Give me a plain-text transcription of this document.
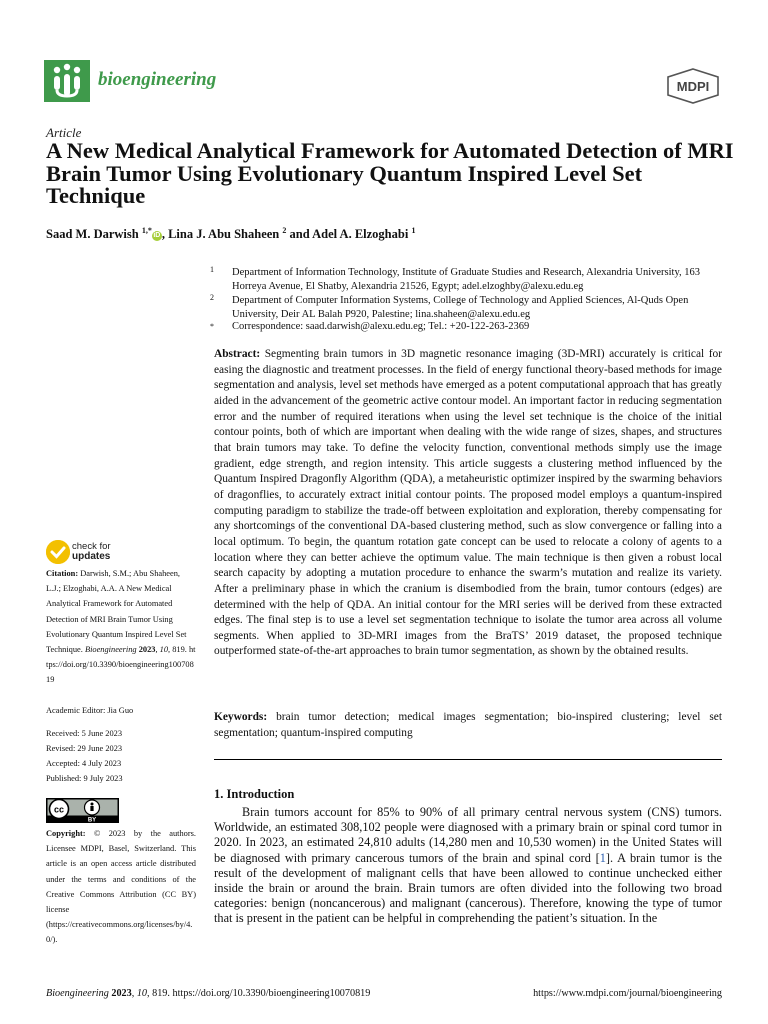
bioengineering	MDPI
Article
A New Medical Analytical Framework for Automated Detection of MRI Brain Tumor Using Evolutionary Quantum Inspired Level Set Technique
Saad M. Darwish $^{1,*}$iD , Lina J. Abu Shaheen $^2$ and Adel A. Elzoghabi $^1$
1	Department of Information Technology, Institute of Graduate Studies and Research, Alexandria University, 163 Horreya Avenue, El Shatby, Alexandria 21526, Egypt; adel.elzoghby@alexu.edu.eg
2	Department of Computer Information Systems, College of Technology and Applied Sciences, Al-Quds Open University, Deir AL Balah P920, Palestine; lina.shaheen@alexu.edu.eg
*	Correspondence: saad.darwish@alexu.edu.eg; Tel.: +20-122-263-2369
Abstract: Segmenting brain tumors in 3D magnetic resonance imaging (3D-MRI) accurately is critical for easing the diagnostic and treatment processes. In the field of energy functional theory-based methods for image segmentation and analysis, level set methods have emerged as a potent computational approach that has greatly aided in the advancement of the geometric active contour model. An important factor in reducing segmentation error and the number of required iterations when using the level set technique is the choice of the initial contour points, both of which are important when dealing with the wide range of sizes, shapes, and structures that brain tumors may take. To define the velocity function, conventional methods simply use the image gradient, edge strength, and region intensity. This article suggests a clustering method influenced by the Quantum Inspired Dragonfly Algorithm (QDA), a metaheuristic optimizer inspired by the swarming behaviors of dragonflies, to accurately extract initial contour points. The proposed model employs a quantum-inspired computing paradigm to stabilize the trade-off between exploitation and exploration, thereby compensating for any shortcomings of the conventional DA-based clustering method, such as slow convergence or falling into a local optimum. To begin, the quantum rotation gate concept can be used to relocate a colony of agents to a location where they can better achieve the optimum value. The main technique is then given a robust local search capacity by adopting a mutation procedure to enhance the swarm’s mutation and realize its variety. After a preliminary phase in which the cranium is disembodied from the brain, tumor contours (edges) are determined with the help of QDA. An initial contour for the MRI series will be derived from these extracted edges. The final step is to use a level set segmentation technique to isolate the tumor area across all volume segments. When applied to 3D-MRI images from the BraTS’ 2019 dataset, the proposed technique outperformed state-of-the-art approaches to brain tumor segmentation, as shown by the obtained results.
Keywords: brain tumor detection; medical images segmentation; bio-inspired clustering; level set segmentation; quantum-inspired computing
check for
updates
Citation: Darwish, S.M.; Abu Shaheen, L.J.; Elzoghabi, A.A. A New Medical Analytical Framework for Automated Detection of MRI Brain Tumor Using Evolutionary Quantum Inspired Level Set Technique. Bioengineering 2023, 10, 819. https://doi.org/10.3390/bioengineering10070819
Academic Editor: Jia Guo
Received: 5 June 2023
Revised: 29 June 2023
Accepted: 4 July 2023
Published: 9 July 2023
cc
BY
Copyright: © 2023 by the authors. Licensee MDPI, Basel, Switzerland. This article is an open access article distributed under the terms and conditions of the Creative Commons Attribution (CC BY) license (https://creativecommons.org/licenses/by/4.0/).
1. Introduction
Brain tumors account for 85% to 90% of all primary central nervous system (CNS) tumors. Worldwide, an estimated 308,102 people were diagnosed with a primary brain or spinal cord tumor in 2020. In 2023, an estimated 24,810 adults (14,280 men and 10,530 women) in the United States will be diagnosed with primary cancerous tumors of the brain and spinal cord [1]. A brain tumor is the result of the development of malignant cells that have been allowed to continue unchecked either inside the brain or around the brain. Brain tumors are often divided into the following two broad categories: benign (noncancerous) and malignant (cancerous). Therefore, knowing the type of tumor that is present in the patient can be helpful in comprehending the patient’s situation. In the
Bioengineering 2023, 10, 819. https://doi.org/10.3390/bioengineering10070819	https://www.mdpi.com/journal/bioengineering
